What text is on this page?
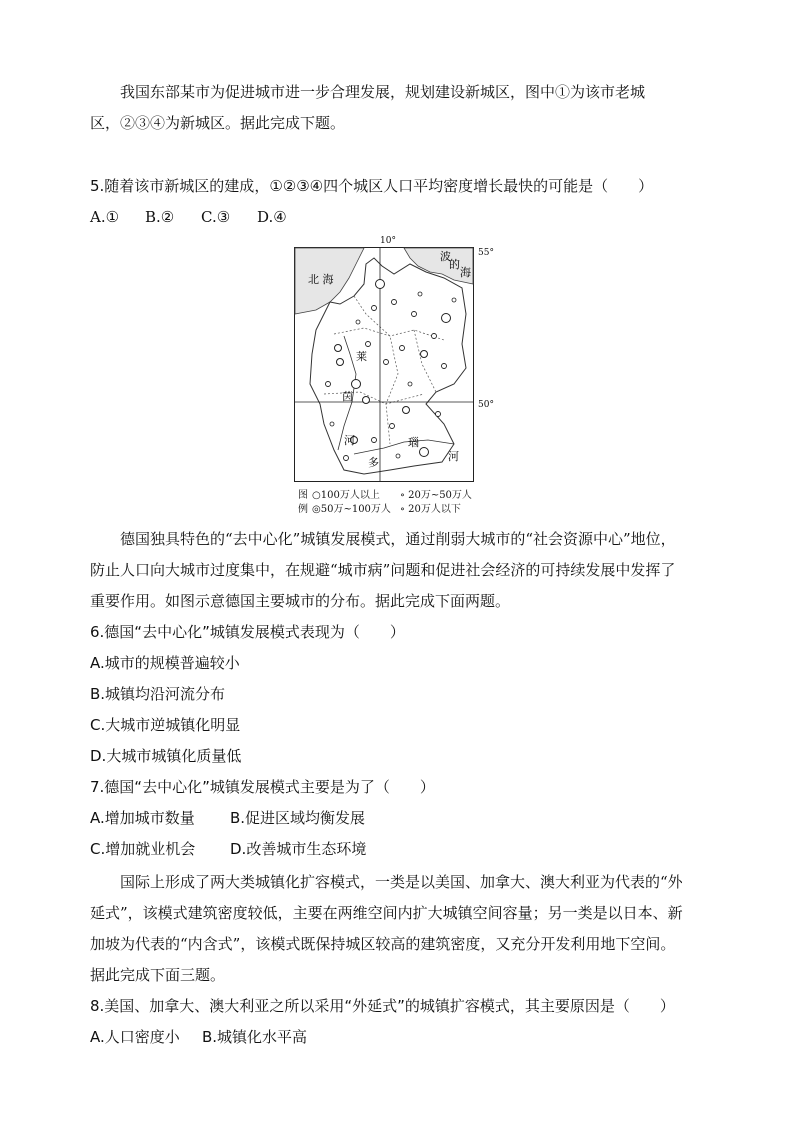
我国东部某市为促进城市进一步合理发展，规划建设新城区，图中①为该市老城
区，②③④为新城区。据此完成下题。
5.随着该市新城区的建成，①②③④四个城区人口平均密度增长最快的可能是（　　）
A.① B.② C.③ D.④
北 海
波
的
海
莱
茵
河
多
瑙
河
10°
55°
50°
图
例
○100万人以上 ∘ 20万~50万人
◎50万~100万人 ∘ 20万人以下
德国独具特色的“去中心化”城镇发展模式，通过削弱大城市的“社会资源中心”地位，
防止人口向大城市过度集中，在规避“城市病”问题和促进社会经济的可持续发展中发挥了
重要作用。如图示意德国主要城市的分布。据此完成下面两题。
6.德国“去中心化”城镇发展模式表现为（　　）
A.城市的规模普遍较小
B.城镇均沿河流分布
C.大城市逆城镇化明显
D.大城市城镇化质量低
7.德国“去中心化”城镇发展模式主要是为了（　　）
A.增加城市数量 B.促进区域均衡发展
C.增加就业机会 D.改善城市生态环境
国际上形成了两大类城镇化扩容模式，一类是以美国、加拿大、澳大利亚为代表的“外
延式”，该模式建筑密度较低，主要在两维空间内扩大城镇空间容量；另一类是以日本、新
加坡为代表的“内含式”，该模式既保持城区较高的建筑密度，又充分开发利用地下空间。
据此完成下面三题。
8.美国、加拿大、澳大利亚之所以采用“外延式”的城镇扩容模式，其主要原因是（　　）
A.人口密度小 B.城镇化水平高
